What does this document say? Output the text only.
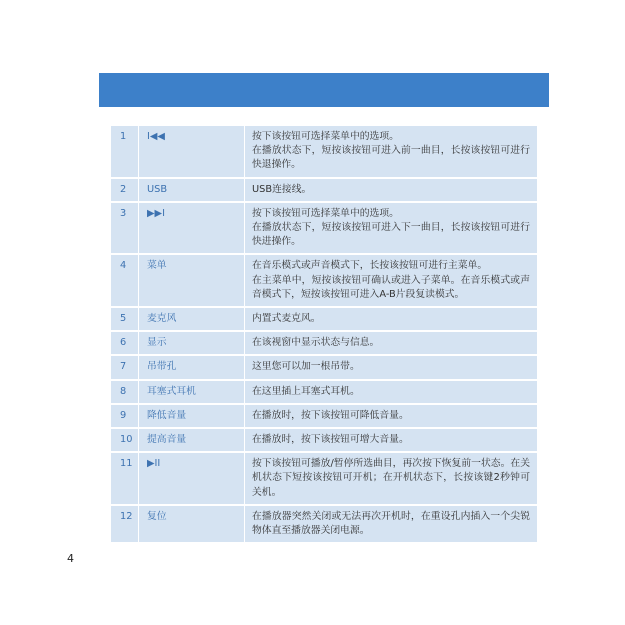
1	I◀◀	按下该按钮可选择菜单中的选项。
在播放状态下，短按该按钮可进入前一曲目，长按该按钮可进行快退操作。

2	USB	USB连接线。

3	▶▶I	按下该按钮可选择菜单中的选项。
在播放状态下，短按该按钮可进入下一曲目，长按该按钮可进行快进操作。

4	菜单	在音乐模式或声音模式下，长按该按钮可进行主菜单。
在主菜单中，短按该按钮可确认或进入子菜单。在音乐模式或声音模式下，短按该按钮可进入A-B片段复读模式。

5	麦克风	内置式麦克风。

6	显示	在该视窗中显示状态与信息。

7	吊带孔	这里您可以加一根吊带。

8	耳塞式耳机	在这里插上耳塞式耳机。

9	降低音量	在播放时，按下该按钮可降低音量。

10	提高音量	在播放时，按下该按钮可增大音量。

11	▶II	按下该按钮可播放/暂停所选曲目，再次按下恢复前一状态。在关机状态下短按该按钮可开机；在开机状态下，长按该键2秒钟可关机。

12	复位	在播放器突然关闭或无法再次开机时，在重设孔内插入一个尖锐物体直至播放器关闭电源。
4
